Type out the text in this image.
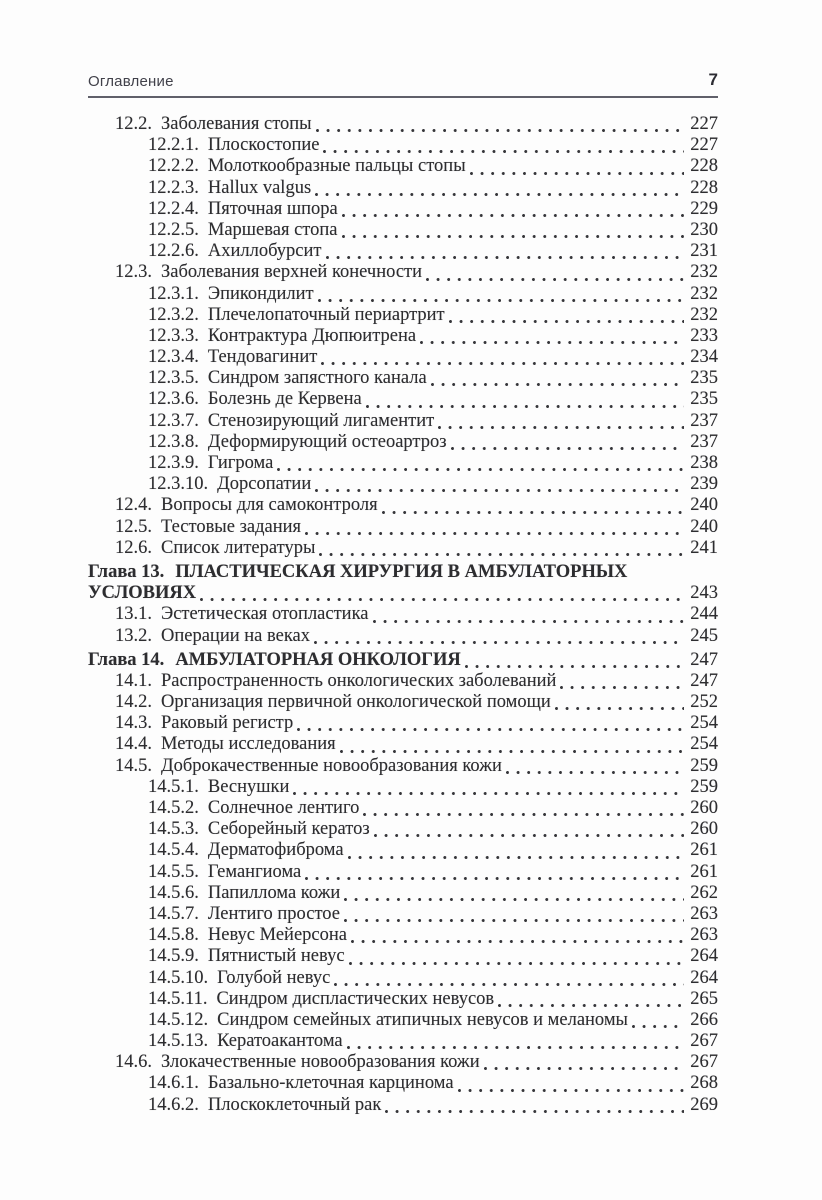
Оглавление	7
12.2. Заболевания стопы	227
12.2.1. Плоскостопие	227
12.2.2. Молоткообразные пальцы стопы	228
12.2.3. Hallux valgus	228
12.2.4. Пяточная шпора	229
12.2.5. Маршевая стопа	230
12.2.6. Ахиллобурсит	231
12.3. Заболевания верхней конечности	232
12.3.1. Эпикондилит	232
12.3.2. Плечелопаточный периартрит	232
12.3.3. Контрактура Дюпюитрена	233
12.3.4. Тендовагинит	234
12.3.5. Синдром запястного канала	235
12.3.6. Болезнь де Кервена	235
12.3.7. Стенозирующий лигаментит	237
12.3.8. Деформирующий остеоартроз	237
12.3.9. Гигрома	238
12.3.10. Дорсопатии	239
12.4. Вопросы для самоконтроля	240
12.5. Тестовые задания	240
12.6. Список литературы	241
Глава 13. ПЛАСТИЧЕСКАЯ ХИРУРГИЯ В АМБУЛАТОРНЫХ
УСЛОВИЯХ	243
13.1. Эстетическая отопластика	244
13.2. Операции на веках	245
Глава 14. АМБУЛАТОРНАЯ ОНКОЛОГИЯ	247
14.1. Распространенность онкологических заболеваний	247
14.2. Организация первичной онкологической помощи	252
14.3. Раковый регистр	254
14.4. Методы исследования	254
14.5. Доброкачественные новообразования кожи	259
14.5.1. Веснушки	259
14.5.2. Солнечное лентиго	260
14.5.3. Себорейный кератоз	260
14.5.4. Дерматофиброма	261
14.5.5. Гемангиома	261
14.5.6. Папиллома кожи	262
14.5.7. Лентиго простое	263
14.5.8. Невус Мейерсона	263
14.5.9. Пятнистый невус	264
14.5.10. Голубой невус	264
14.5.11. Синдром диспластических невусов	265
14.5.12. Синдром семейных атипичных невусов и меланомы	266
14.5.13. Кератоакантома	267
14.6. Злокачественные новообразования кожи	267
14.6.1. Базально-клеточная карцинома	268
14.6.2. Плоскоклеточный рак	269
